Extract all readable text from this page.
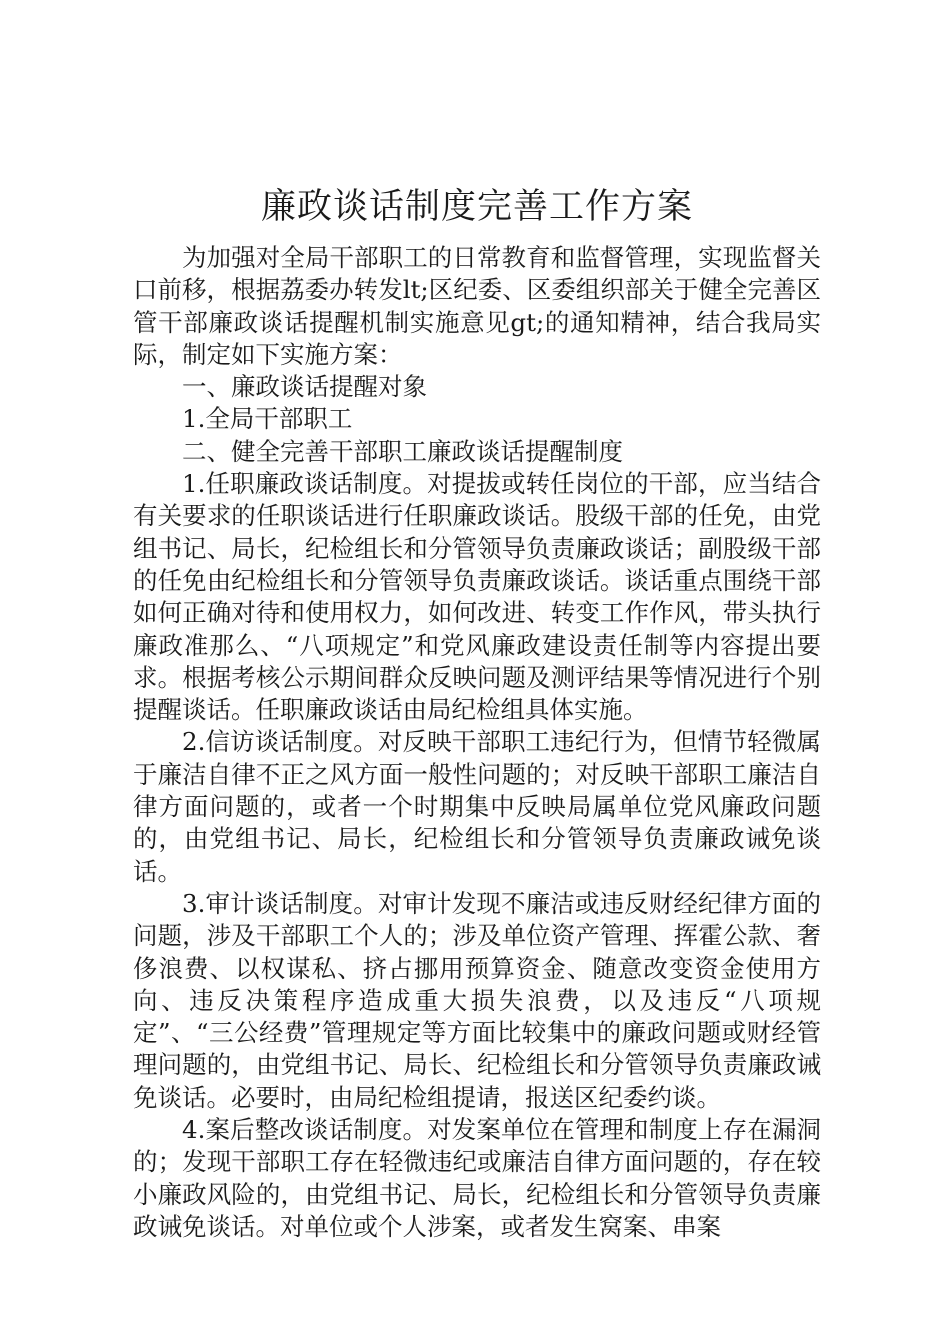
廉政谈话制度完善工作方案

为加强对全局干部职工的日常教育和监督管理，实现监督关口前移，根据荔委办转发lt;区纪委、区委组织部关于健全完善区管干部廉政谈话提醒机制实施意见gt;的通知精神，结合我局实际，制定如下实施方案：

一、廉政谈话提醒对象

1.全局干部职工

二、健全完善干部职工廉政谈话提醒制度

1.任职廉政谈话制度。对提拔或转任岗位的干部，应当结合有关要求的任职谈话进行任职廉政谈话。股级干部的任免，由党组书记、局长，纪检组长和分管领导负责廉政谈话；副股级干部的任免由纪检组长和分管领导负责廉政谈话。谈话重点围绕干部如何正确对待和使用权力，如何改进、转变工作作风，带头执行廉政准那么、“八项规定”和党风廉政建设责任制等内容提出要求。根据考核公示期间群众反映问题及测评结果等情况进行个别提醒谈话。任职廉政谈话由局纪检组具体实施。

2.信访谈话制度。对反映干部职工违纪行为，但情节轻微属于廉洁自律不正之风方面一般性问题的；对反映干部职工廉洁自律方面问题的，或者一个时期集中反映局属单位党风廉政问题的，由党组书记、局长，纪检组长和分管领导负责廉政诫免谈话。

3.审计谈话制度。对审计发现不廉洁或违反财经纪律方面的问题，涉及干部职工个人的；涉及单位资产管理、挥霍公款、奢侈浪费、以权谋私、挤占挪用预算资金、随意改变资金使用方向、违反决策程序造成重大损失浪费，以及违反“八项规定”、“三公经费”管理规定等方面比较集中的廉政问题或财经管理问题的，由党组书记、局长、纪检组长和分管领导负责廉政诫免谈话。必要时，由局纪检组提请，报送区纪委约谈。

4.案后整改谈话制度。对发案单位在管理和制度上存在漏洞的；发现干部职工存在轻微违纪或廉洁自律方面问题的，存在较小廉政风险的，由党组书记、局长，纪检组长和分管领导负责廉政诫免谈话。对单位或个人涉案，或者发生窝案、串案
